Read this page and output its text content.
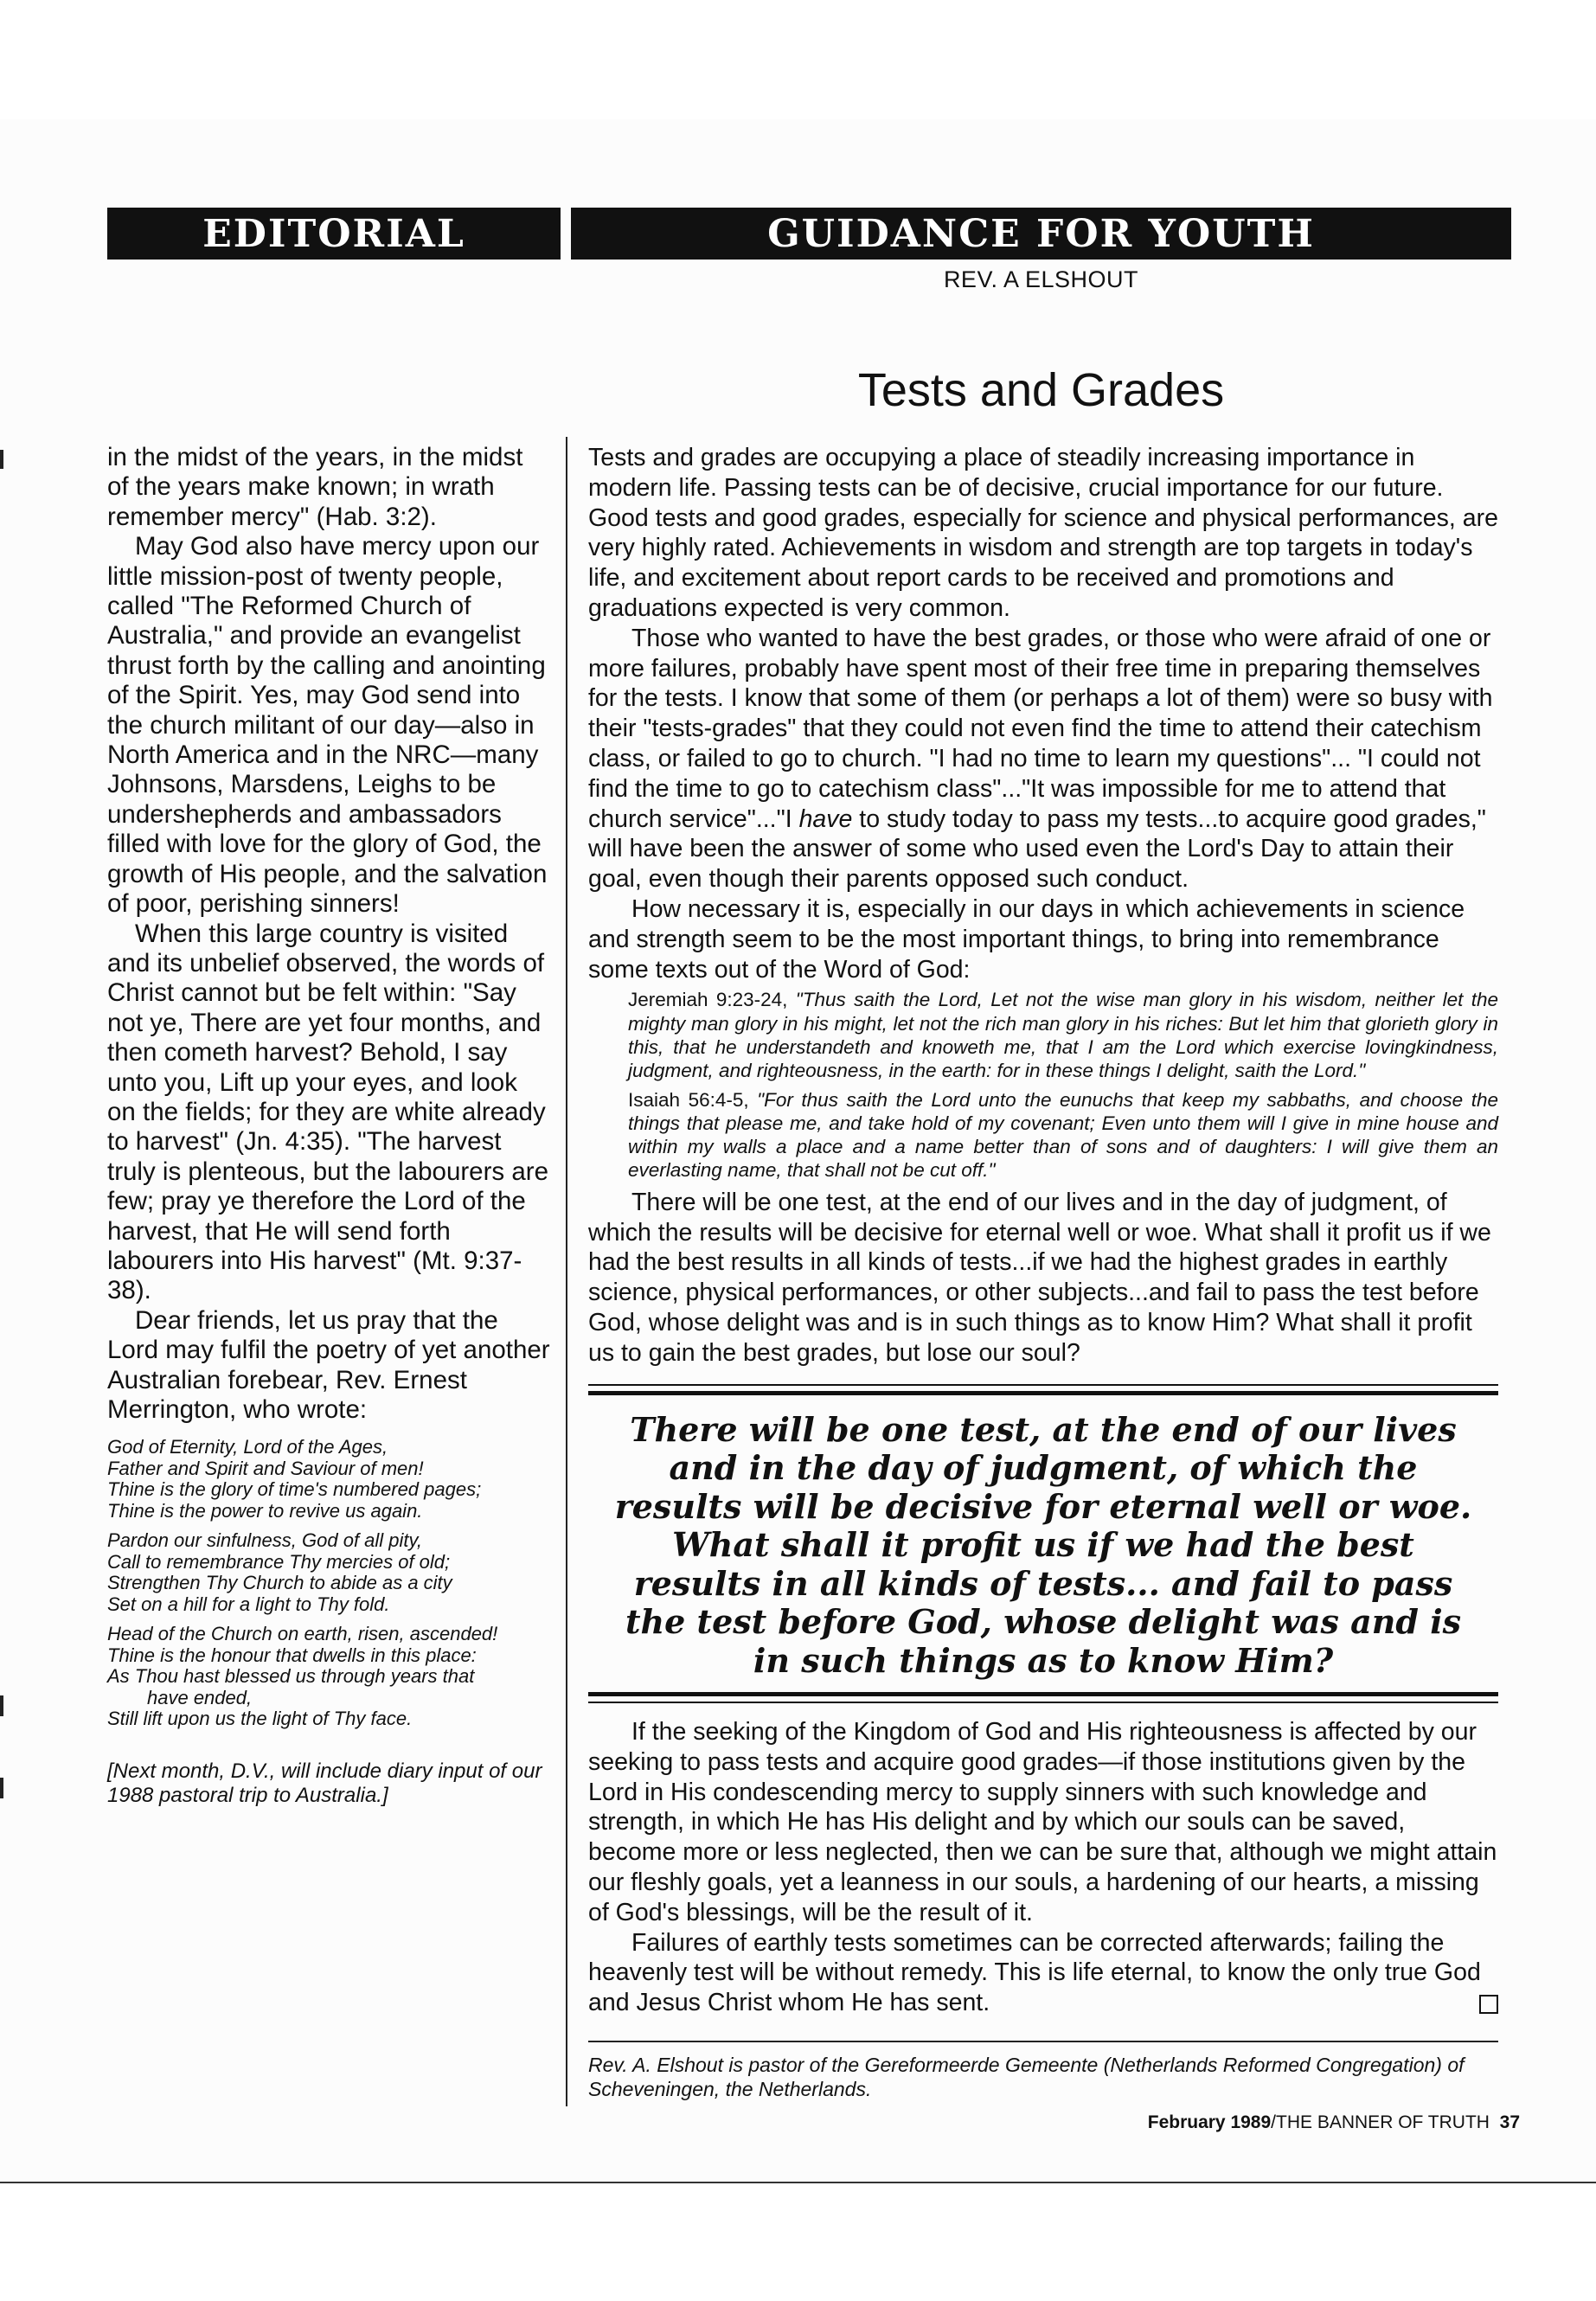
EDITORIAL	GUIDANCE FOR YOUTH
REV. A ELSHOUT
Tests and Grades

in the midst of the years, in the midst of the years make known; in wrath remember mercy" (Hab. 3:2).

May God also have mercy upon our little mission-post of twenty people, called "The Reformed Church of Australia," and provide an evangelist thrust forth by the calling and anointing of the Spirit. Yes, may God send into the church militant of our day—also in North America and in the NRC—many Johnsons, Marsdens, Leighs to be undershepherds and ambassadors filled with love for the glory of God, the growth of His people, and the salvation of poor, perishing sinners!

When this large country is visited and its unbelief observed, the words of Christ cannot but be felt within: "Say not ye, There are yet four months, and then cometh harvest? Behold, I say unto you, Lift up your eyes, and look on the fields; for they are white already to harvest" (Jn. 4:35). "The harvest truly is plenteous, but the labourers are few; pray ye therefore the Lord of the harvest, that He will send forth labourers into His harvest" (Mt. 9:37-38).

Dear friends, let us pray that the Lord may fulfil the poetry of yet another Australian forebear, Rev. Ernest Merrington, who wrote:

God of Eternity, Lord of the Ages,
Father and Spirit and Saviour of men!
Thine is the glory of time's numbered pages;
Thine is the power to revive us again.
Pardon our sinfulness, God of all pity,
Call to remembrance Thy mercies of old;
Strengthen Thy Church to abide as a city
Set on a hill for a light to Thy fold.
Head of the Church on earth, risen, ascended!
Thine is the honour that dwells in this place:
As Thou hast blessed us through years that
have ended,
Still lift upon us the light of Thy face.

[Next month, D.V., will include diary input of our 1988 pastoral trip to Australia.]

Tests and grades are occupying a place of steadily increasing importance in modern life. Passing tests can be of decisive, crucial importance for our future. Good tests and good grades, especially for science and physical performances, are very highly rated. Achievements in wisdom and strength are top targets in today's life, and excitement about report cards to be received and promotions and graduations expected is very common.

Those who wanted to have the best grades, or those who were afraid of one or more failures, probably have spent most of their free time in preparing themselves for the tests. I know that some of them (or perhaps a lot of them) were so busy with their "tests-grades" that they could not even find the time to attend their catechism class, or failed to go to church. "I had no time to learn my questions"... "I could not find the time to go to catechism class"..."It was impossible for me to attend that church service"..."I have to study today to pass my tests...to acquire good grades," will have been the answer of some who used even the Lord's Day to attain their goal, even though their parents opposed such conduct.

How necessary it is, especially in our days in which achievements in science and strength seem to be the most important things, to bring into remembrance some texts out of the Word of God:

Jeremiah 9:23-24, "Thus saith the Lord, Let not the wise man glory in his wisdom, neither let the mighty man glory in his might, let not the rich man glory in his riches: But let him that glorieth glory in this, that he understandeth and knoweth me, that I am the Lord which exercise lovingkindness, judgment, and righteousness, in the earth: for in these things I delight, saith the Lord."
Isaiah 56:4-5, "For thus saith the Lord unto the eunuchs that keep my sabbaths, and choose the things that please me, and take hold of my covenant; Even unto them will I give in mine house and within my walls a place and a name better than of sons and of daughters: I will give them an everlasting name, that shall not be cut off."

There will be one test, at the end of our lives and in the day of judgment, of which the results will be decisive for eternal well or woe. What shall it profit us if we had the best results in all kinds of tests...if we had the highest grades in earthly science, physical performances, or other subjects...and fail to pass the test before God, whose delight was and is in such things as to know Him? What shall it profit us to gain the best grades, but lose our soul?

There will be one test, at the end of our lives and in the day of judgment, of which the results will be decisive for eternal well or woe. What shall it profit us if we had the best results in all kinds of tests... and fail to pass the test before God, whose delight was and is in such things as to know Him?

If the seeking of the Kingdom of God and His righteousness is affected by our seeking to pass tests and acquire good grades—if those institutions given by the Lord in His condescending mercy to supply sinners with such knowledge and strength, in which He has His delight and by which our souls can be saved, become more or less neglected, then we can be sure that, although we might attain our fleshly goals, yet a leanness in our souls, a hardening of our hearts, a missing of God's blessings, will be the result of it.

Failures of earthly tests sometimes can be corrected afterwards; failing the heavenly test will be without remedy. This is life eternal, to know the only true God and Jesus Christ whom He has sent.

Rev. A. Elshout is pastor of the Gereformeerde Gemeente (Netherlands Reformed Congregation) of Scheveningen, the Netherlands.

February 1989/THE BANNER OF TRUTH 37
